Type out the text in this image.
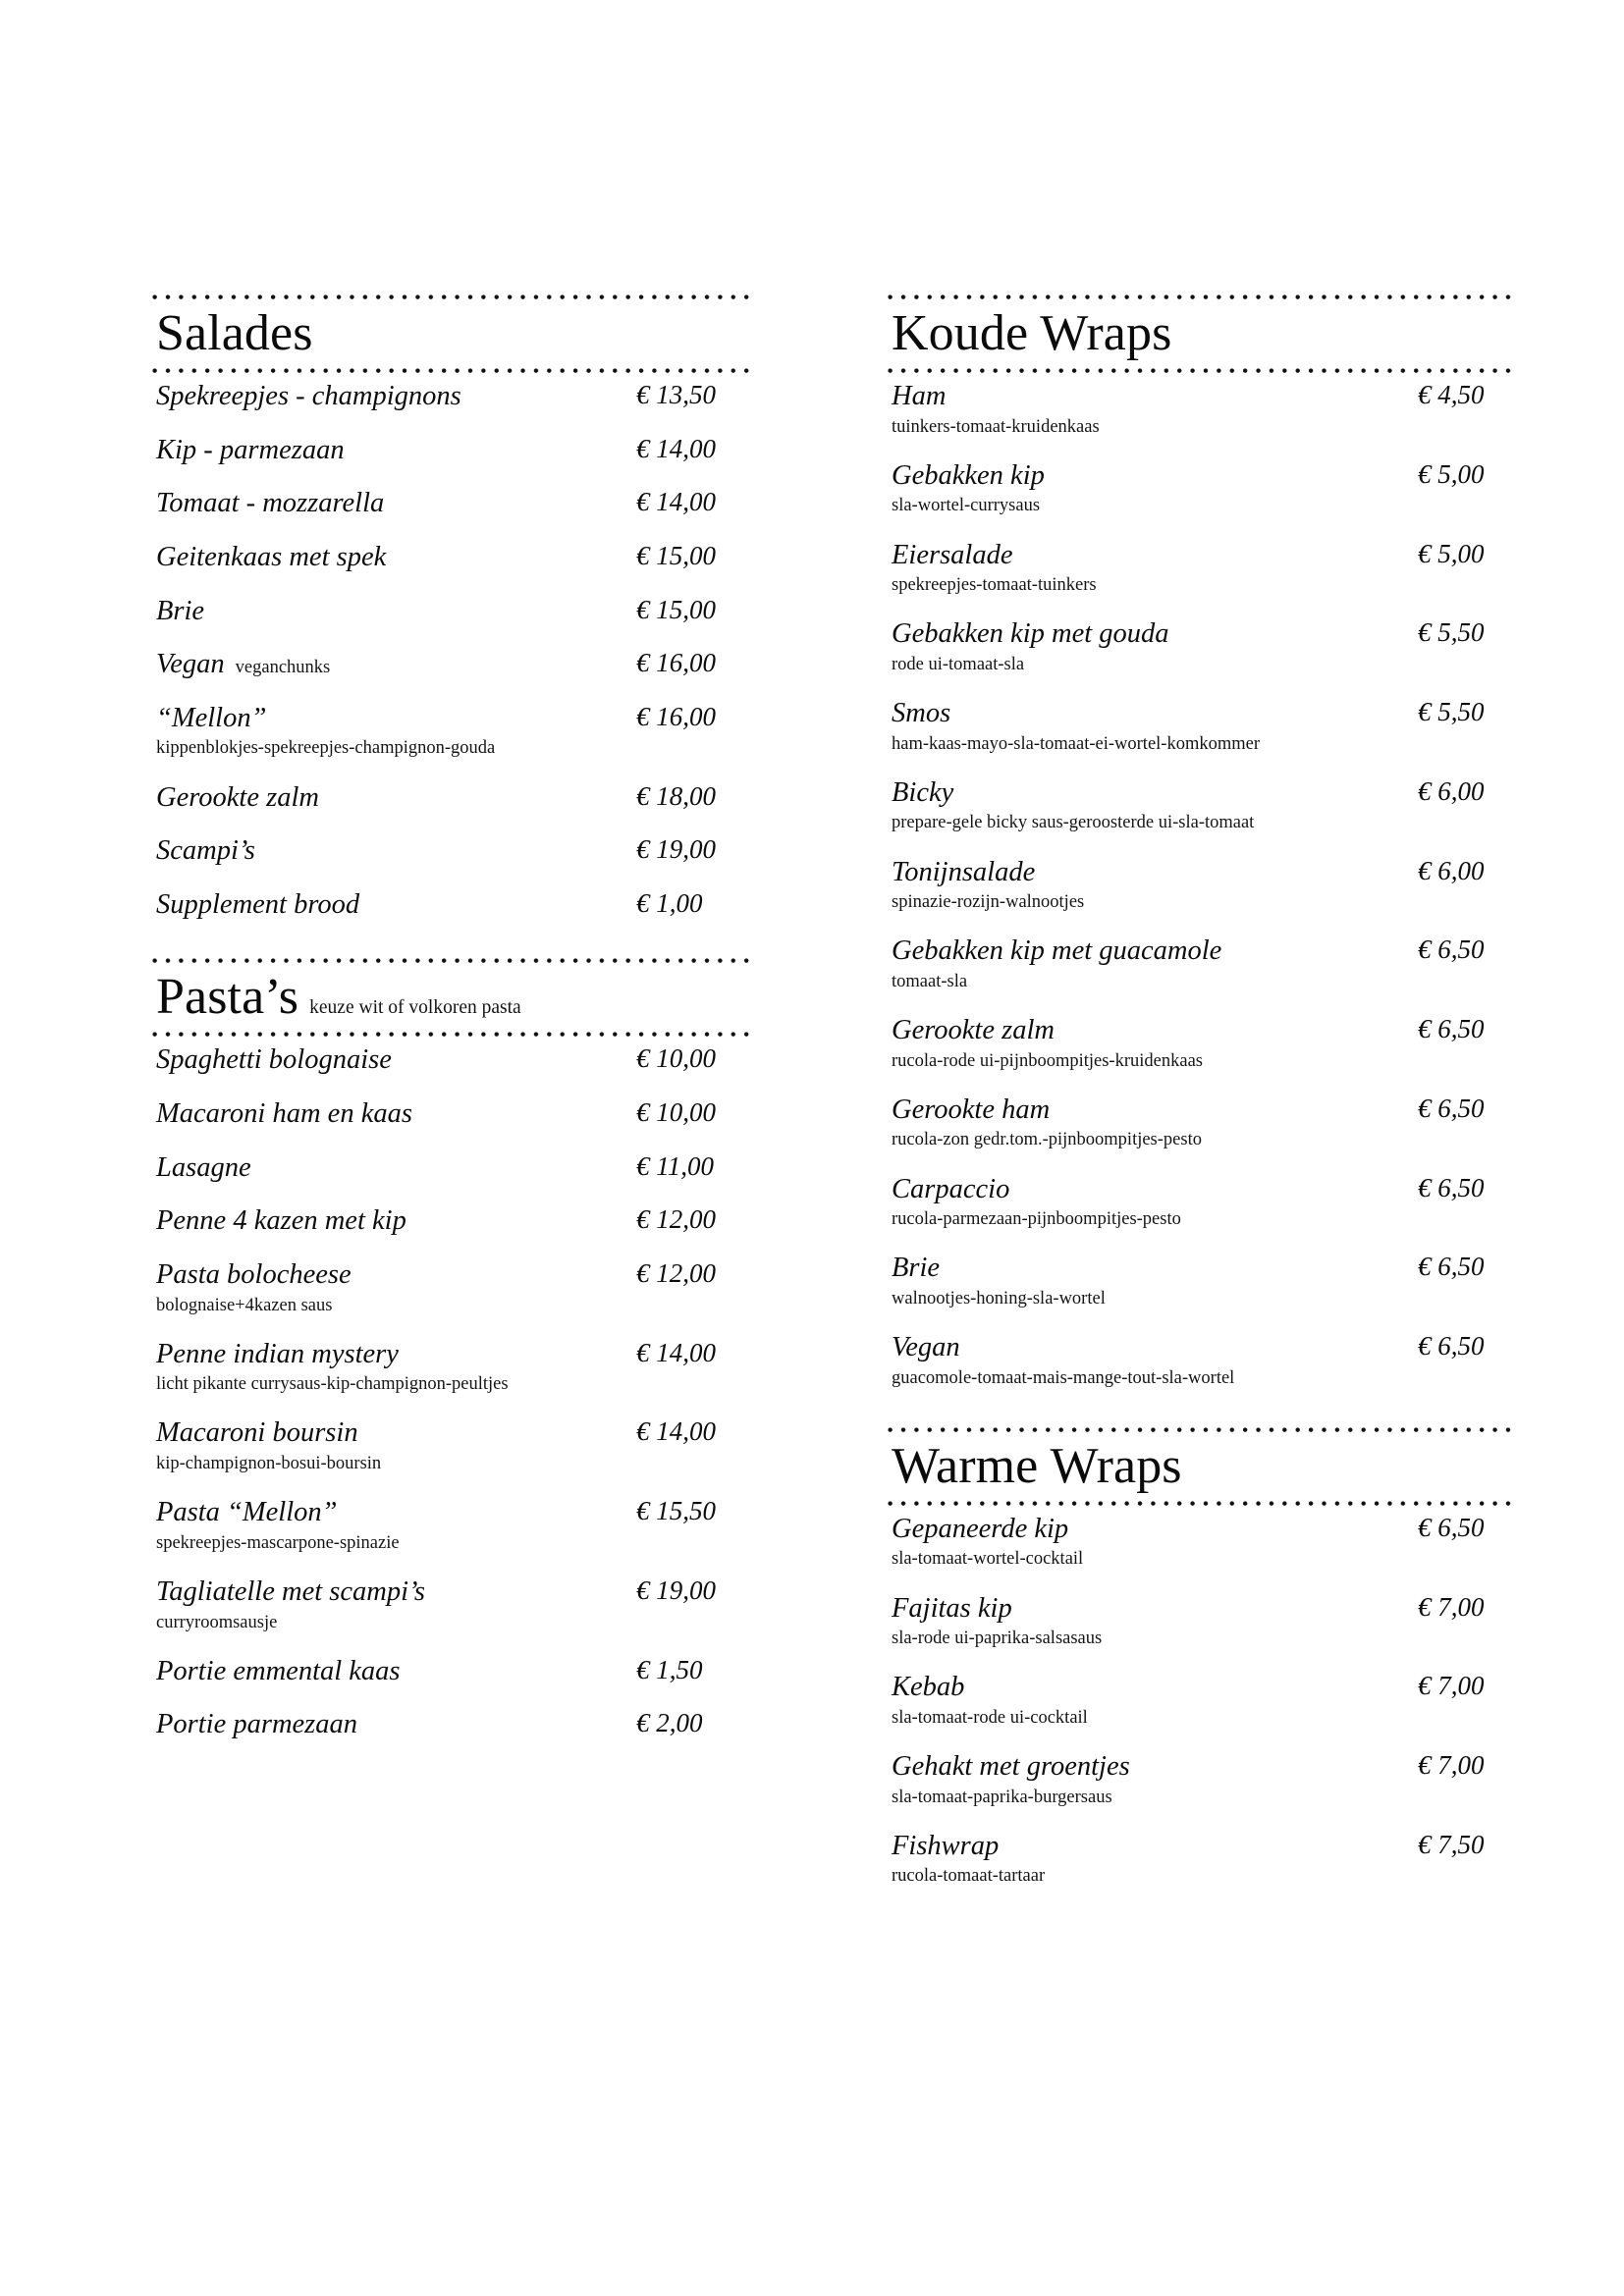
Salades
Spekreepjes - champignons	€ 13,50
Kip - parmezaan	€ 14,00
Tomaat - mozzarella	€ 14,00
Geitenkaas met spek	€ 15,00
Brie	€ 15,00
Vegan veganchunks	€ 16,00
“Mellon”	€ 16,00
kippenblokjes-spekreepjes-champignon-gouda
Gerookte zalm	€ 18,00
Scampi’s	€ 19,00
Supplement brood	€ 1,00
Pasta’s keuze wit of volkoren pasta
Spaghetti bolognaise	€ 10,00
Macaroni ham en kaas	€ 10,00
Lasagne	€ 11,00
Penne 4 kazen met kip	€ 12,00
Pasta bolocheese	€ 12,00
bolognaise+4kazen saus
Penne indian mystery	€ 14,00
licht pikante currysaus-kip-champignon-peultjes
Macaroni boursin	€ 14,00
kip-champignon-bosui-boursin
Pasta “Mellon”	€ 15,50
spekreepjes-mascarpone-spinazie
Tagliatelle met scampi’s	€ 19,00
curryroomsausje
Portie emmental kaas	€ 1,50
Portie parmezaan	€ 2,00
Koude Wraps
Ham	€ 4,50
tuinkers-tomaat-kruidenkaas
Gebakken kip	€ 5,00
sla-wortel-currysaus
Eiersalade	€ 5,00
spekreepjes-tomaat-tuinkers
Gebakken kip met gouda	€ 5,50
rode ui-tomaat-sla
Smos	€ 5,50
ham-kaas-mayo-sla-tomaat-ei-wortel-komkommer
Bicky	€ 6,00
prepare-gele bicky saus-geroosterde ui-sla-tomaat
Tonijnsalade	€ 6,00
spinazie-rozijn-walnootjes
Gebakken kip met guacamole	€ 6,50
tomaat-sla
Gerookte zalm	€ 6,50
rucola-rode ui-pijnboompitjes-kruidenkaas
Gerookte ham	€ 6,50
rucola-zon gedr.tom.-pijnboompitjes-pesto
Carpaccio	€ 6,50
rucola-parmezaan-pijnboompitjes-pesto
Brie	€ 6,50
walnootjes-honing-sla-wortel
Vegan	€ 6,50
guacomole-tomaat-mais-mange-tout-sla-wortel
Warme Wraps
Gepaneerde kip	€ 6,50
sla-tomaat-wortel-cocktail
Fajitas kip	€ 7,00
sla-rode ui-paprika-salsasaus
Kebab	€ 7,00
sla-tomaat-rode ui-cocktail
Gehakt met groentjes	€ 7,00
sla-tomaat-paprika-burgersaus
Fishwrap	€ 7,50
rucola-tomaat-tartaar
